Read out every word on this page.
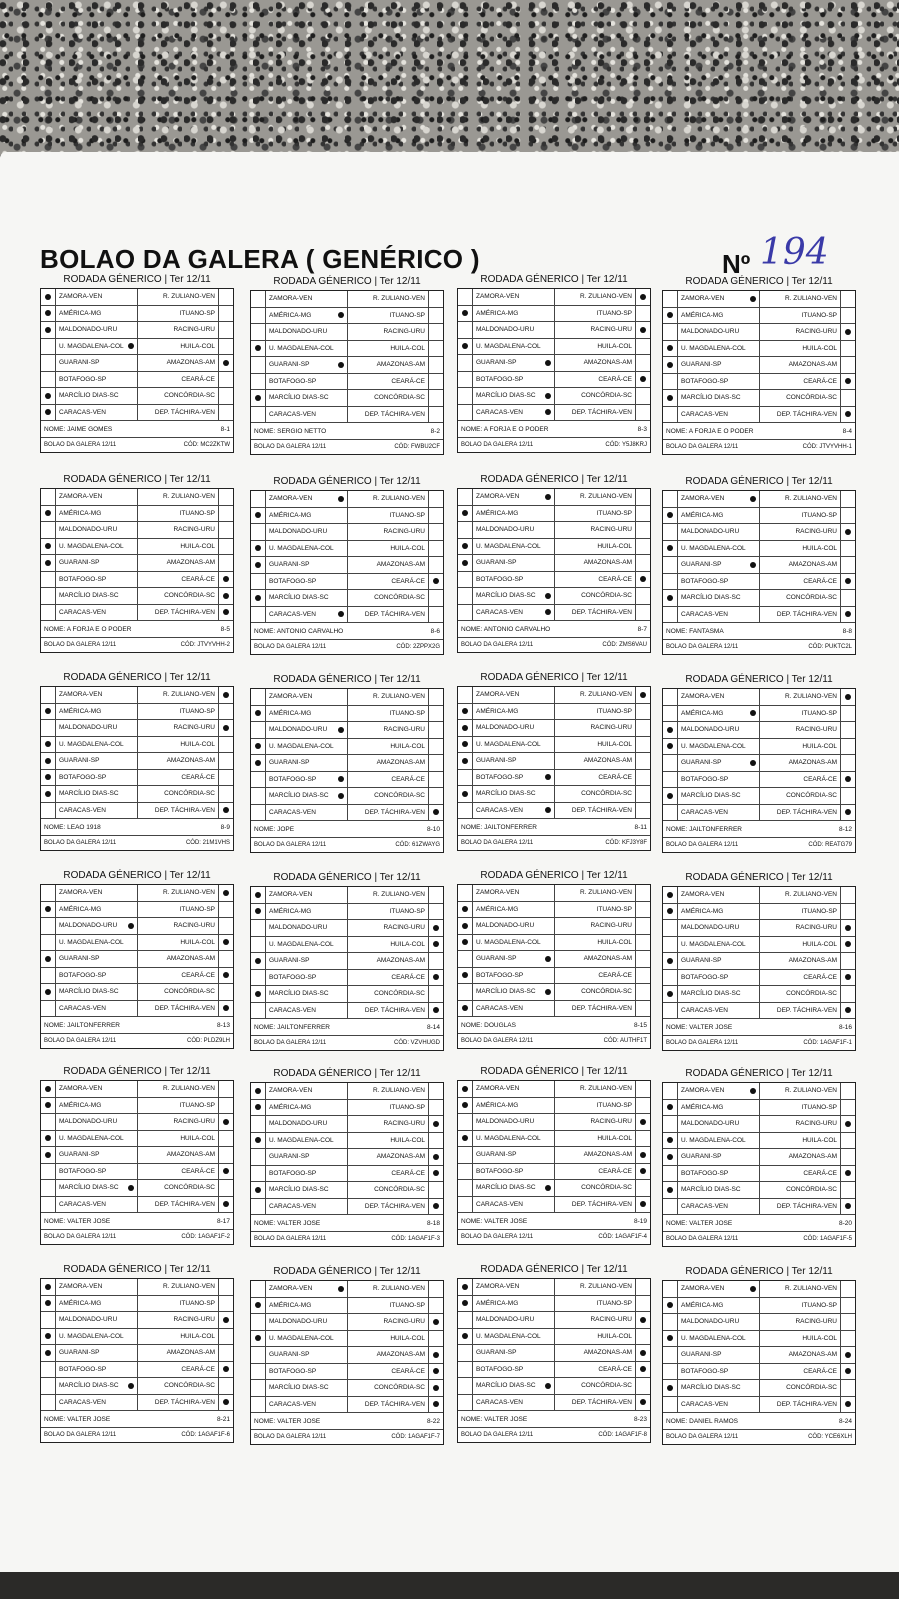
BOLAO DA GALERA ( GENÉRICO )	Nº 194
RODADA GÉNERICO | Ter 12/11
ZAMORA-VEN	R. ZULIANO-VEN
AMÉRICA-MG	ITUANO-SP
MALDONADO-URU	RACING-URU
U. MAGDALENA-COL	HUILA-COL
GUARANI-SP	AMAZONAS-AM
BOTAFOGO-SP	CEARÁ-CE
MARCÍLIO DIAS-SC	CONCÓRDIA-SC
CARACAS-VEN	DEP. TÁCHIRA-VEN
NOME: JAIME GOMES	8-1
BOLAO DA GALERA 12/11	CÓD: MC2ZKTW
RODADA GÉNERICO | Ter 12/11
ZAMORA-VEN	R. ZULIANO-VEN
AMÉRICA-MG	ITUANO-SP
MALDONADO-URU	RACING-URU
U. MAGDALENA-COL	HUILA-COL
GUARANI-SP	AMAZONAS-AM
BOTAFOGO-SP	CEARÁ-CE
MARCÍLIO DIAS-SC	CONCÓRDIA-SC
CARACAS-VEN	DEP. TÁCHIRA-VEN
NOME: SERGIO NETTO	8-2
BOLAO DA GALERA 12/11	CÓD: FWBU2CF
RODADA GÉNERICO | Ter 12/11
ZAMORA-VEN	R. ZULIANO-VEN
AMÉRICA-MG	ITUANO-SP
MALDONADO-URU	RACING-URU
U. MAGDALENA-COL	HUILA-COL
GUARANI-SP	AMAZONAS-AM
BOTAFOGO-SP	CEARÁ-CE
MARCÍLIO DIAS-SC	CONCÓRDIA-SC
CARACAS-VEN	DEP. TÁCHIRA-VEN
NOME: A FORJA E O PODER	8-3
BOLAO DA GALERA 12/11	CÓD: Y5J8KRJ
RODADA GÉNERICO | Ter 12/11
ZAMORA-VEN	R. ZULIANO-VEN
AMÉRICA-MG	ITUANO-SP
MALDONADO-URU	RACING-URU
U. MAGDALENA-COL	HUILA-COL
GUARANI-SP	AMAZONAS-AM
BOTAFOGO-SP	CEARÁ-CE
MARCÍLIO DIAS-SC	CONCÓRDIA-SC
CARACAS-VEN	DEP. TÁCHIRA-VEN
NOME: A FORJA E O PODER	8-4
BOLAO DA GALERA 12/11	CÓD: JTVYVHH-1
RODADA GÉNERICO | Ter 12/11
ZAMORA-VEN	R. ZULIANO-VEN
AMÉRICA-MG	ITUANO-SP
MALDONADO-URU	RACING-URU
U. MAGDALENA-COL	HUILA-COL
GUARANI-SP	AMAZONAS-AM
BOTAFOGO-SP	CEARÁ-CE
MARCÍLIO DIAS-SC	CONCÓRDIA-SC
CARACAS-VEN	DEP. TÁCHIRA-VEN
NOME: A FORJA E O PODER	8-5
BOLAO DA GALERA 12/11	CÓD: JTVYVHH-2
RODADA GÉNERICO | Ter 12/11
ZAMORA-VEN	R. ZULIANO-VEN
AMÉRICA-MG	ITUANO-SP
MALDONADO-URU	RACING-URU
U. MAGDALENA-COL	HUILA-COL
GUARANI-SP	AMAZONAS-AM
BOTAFOGO-SP	CEARÁ-CE
MARCÍLIO DIAS-SC	CONCÓRDIA-SC
CARACAS-VEN	DEP. TÁCHIRA-VEN
NOME: ANTONIO CARVALHO	8-6
BOLAO DA GALERA 12/11	CÓD: 2ZPPX2G
RODADA GÉNERICO | Ter 12/11
ZAMORA-VEN	R. ZULIANO-VEN
AMÉRICA-MG	ITUANO-SP
MALDONADO-URU	RACING-URU
U. MAGDALENA-COL	HUILA-COL
GUARANI-SP	AMAZONAS-AM
BOTAFOGO-SP	CEARÁ-CE
MARCÍLIO DIAS-SC	CONCÓRDIA-SC
CARACAS-VEN	DEP. TÁCHIRA-VEN
NOME: ANTONIO CARVALHO	8-7
BOLAO DA GALERA 12/11	CÓD: ZMS6VAU
RODADA GÉNERICO | Ter 12/11
ZAMORA-VEN	R. ZULIANO-VEN
AMÉRICA-MG	ITUANO-SP
MALDONADO-URU	RACING-URU
U. MAGDALENA-COL	HUILA-COL
GUARANI-SP	AMAZONAS-AM
BOTAFOGO-SP	CEARÁ-CE
MARCÍLIO DIAS-SC	CONCÓRDIA-SC
CARACAS-VEN	DEP. TÁCHIRA-VEN
NOME: FANTASMA	8-8
BOLAO DA GALERA 12/11	CÓD: PUKTC2L
RODADA GÉNERICO | Ter 12/11
ZAMORA-VEN	R. ZULIANO-VEN
AMÉRICA-MG	ITUANO-SP
MALDONADO-URU	RACING-URU
U. MAGDALENA-COL	HUILA-COL
GUARANI-SP	AMAZONAS-AM
BOTAFOGO-SP	CEARÁ-CE
MARCÍLIO DIAS-SC	CONCÓRDIA-SC
CARACAS-VEN	DEP. TÁCHIRA-VEN
NOME: LEAO 1918	8-9
BOLAO DA GALERA 12/11	CÓD: 21M1VHS
RODADA GÉNERICO | Ter 12/11
ZAMORA-VEN	R. ZULIANO-VEN
AMÉRICA-MG	ITUANO-SP
MALDONADO-URU	RACING-URU
U. MAGDALENA-COL	HUILA-COL
GUARANI-SP	AMAZONAS-AM
BOTAFOGO-SP	CEARÁ-CE
MARCÍLIO DIAS-SC	CONCÓRDIA-SC
CARACAS-VEN	DEP. TÁCHIRA-VEN
NOME: JOPE	8-10
BOLAO DA GALERA 12/11	CÓD: 61ZWAYG
RODADA GÉNERICO | Ter 12/11
ZAMORA-VEN	R. ZULIANO-VEN
AMÉRICA-MG	ITUANO-SP
MALDONADO-URU	RACING-URU
U. MAGDALENA-COL	HUILA-COL
GUARANI-SP	AMAZONAS-AM
BOTAFOGO-SP	CEARÁ-CE
MARCÍLIO DIAS-SC	CONCÓRDIA-SC
CARACAS-VEN	DEP. TÁCHIRA-VEN
NOME: JAILTONFERRER	8-11
BOLAO DA GALERA 12/11	CÓD: KFJ3Y8F
RODADA GÉNERICO | Ter 12/11
ZAMORA-VEN	R. ZULIANO-VEN
AMÉRICA-MG	ITUANO-SP
MALDONADO-URU	RACING-URU
U. MAGDALENA-COL	HUILA-COL
GUARANI-SP	AMAZONAS-AM
BOTAFOGO-SP	CEARÁ-CE
MARCÍLIO DIAS-SC	CONCÓRDIA-SC
CARACAS-VEN	DEP. TÁCHIRA-VEN
NOME: JAILTONFERRER	8-12
BOLAO DA GALERA 12/11	CÓD: REATG79
RODADA GÉNERICO | Ter 12/11
ZAMORA-VEN	R. ZULIANO-VEN
AMÉRICA-MG	ITUANO-SP
MALDONADO-URU	RACING-URU
U. MAGDALENA-COL	HUILA-COL
GUARANI-SP	AMAZONAS-AM
BOTAFOGO-SP	CEARÁ-CE
MARCÍLIO DIAS-SC	CONCÓRDIA-SC
CARACAS-VEN	DEP. TÁCHIRA-VEN
NOME: JAILTONFERRER	8-13
BOLAO DA GALERA 12/11	CÓD: PLDZ9LH
RODADA GÉNERICO | Ter 12/11
ZAMORA-VEN	R. ZULIANO-VEN
AMÉRICA-MG	ITUANO-SP
MALDONADO-URU	RACING-URU
U. MAGDALENA-COL	HUILA-COL
GUARANI-SP	AMAZONAS-AM
BOTAFOGO-SP	CEARÁ-CE
MARCÍLIO DIAS-SC	CONCÓRDIA-SC
CARACAS-VEN	DEP. TÁCHIRA-VEN
NOME: JAILTONFERRER	8-14
BOLAO DA GALERA 12/11	CÓD: VZVHUGD
RODADA GÉNERICO | Ter 12/11
ZAMORA-VEN	R. ZULIANO-VEN
AMÉRICA-MG	ITUANO-SP
MALDONADO-URU	RACING-URU
U. MAGDALENA-COL	HUILA-COL
GUARANI-SP	AMAZONAS-AM
BOTAFOGO-SP	CEARÁ-CE
MARCÍLIO DIAS-SC	CONCÓRDIA-SC
CARACAS-VEN	DEP. TÁCHIRA-VEN
NOME: DOUGLAS	8-15
BOLAO DA GALERA 12/11	CÓD: AUTHF1T
RODADA GÉNERICO | Ter 12/11
ZAMORA-VEN	R. ZULIANO-VEN
AMÉRICA-MG	ITUANO-SP
MALDONADO-URU	RACING-URU
U. MAGDALENA-COL	HUILA-COL
GUARANI-SP	AMAZONAS-AM
BOTAFOGO-SP	CEARÁ-CE
MARCÍLIO DIAS-SC	CONCÓRDIA-SC
CARACAS-VEN	DEP. TÁCHIRA-VEN
NOME: VALTER JOSE	8-16
BOLAO DA GALERA 12/11	CÓD: 1AGAF1F-1
RODADA GÉNERICO | Ter 12/11
ZAMORA-VEN	R. ZULIANO-VEN
AMÉRICA-MG	ITUANO-SP
MALDONADO-URU	RACING-URU
U. MAGDALENA-COL	HUILA-COL
GUARANI-SP	AMAZONAS-AM
BOTAFOGO-SP	CEARÁ-CE
MARCÍLIO DIAS-SC	CONCÓRDIA-SC
CARACAS-VEN	DEP. TÁCHIRA-VEN
NOME: VALTER JOSE	8-17
BOLAO DA GALERA 12/11	CÓD: 1AGAF1F-2
RODADA GÉNERICO | Ter 12/11
ZAMORA-VEN	R. ZULIANO-VEN
AMÉRICA-MG	ITUANO-SP
MALDONADO-URU	RACING-URU
U. MAGDALENA-COL	HUILA-COL
GUARANI-SP	AMAZONAS-AM
BOTAFOGO-SP	CEARÁ-CE
MARCÍLIO DIAS-SC	CONCÓRDIA-SC
CARACAS-VEN	DEP. TÁCHIRA-VEN
NOME: VALTER JOSE	8-18
BOLAO DA GALERA 12/11	CÓD: 1AGAF1F-3
RODADA GÉNERICO | Ter 12/11
ZAMORA-VEN	R. ZULIANO-VEN
AMÉRICA-MG	ITUANO-SP
MALDONADO-URU	RACING-URU
U. MAGDALENA-COL	HUILA-COL
GUARANI-SP	AMAZONAS-AM
BOTAFOGO-SP	CEARÁ-CE
MARCÍLIO DIAS-SC	CONCÓRDIA-SC
CARACAS-VEN	DEP. TÁCHIRA-VEN
NOME: VALTER JOSE	8-19
BOLAO DA GALERA 12/11	CÓD: 1AGAF1F-4
RODADA GÉNERICO | Ter 12/11
ZAMORA-VEN	R. ZULIANO-VEN
AMÉRICA-MG	ITUANO-SP
MALDONADO-URU	RACING-URU
U. MAGDALENA-COL	HUILA-COL
GUARANI-SP	AMAZONAS-AM
BOTAFOGO-SP	CEARÁ-CE
MARCÍLIO DIAS-SC	CONCÓRDIA-SC
CARACAS-VEN	DEP. TÁCHIRA-VEN
NOME: VALTER JOSE	8-20
BOLAO DA GALERA 12/11	CÓD: 1AGAF1F-5
RODADA GÉNERICO | Ter 12/11
ZAMORA-VEN	R. ZULIANO-VEN
AMÉRICA-MG	ITUANO-SP
MALDONADO-URU	RACING-URU
U. MAGDALENA-COL	HUILA-COL
GUARANI-SP	AMAZONAS-AM
BOTAFOGO-SP	CEARÁ-CE
MARCÍLIO DIAS-SC	CONCÓRDIA-SC
CARACAS-VEN	DEP. TÁCHIRA-VEN
NOME: VALTER JOSE	8-21
BOLAO DA GALERA 12/11	CÓD: 1AGAF1F-6
RODADA GÉNERICO | Ter 12/11
ZAMORA-VEN	R. ZULIANO-VEN
AMÉRICA-MG	ITUANO-SP
MALDONADO-URU	RACING-URU
U. MAGDALENA-COL	HUILA-COL
GUARANI-SP	AMAZONAS-AM
BOTAFOGO-SP	CEARÁ-CE
MARCÍLIO DIAS-SC	CONCÓRDIA-SC
CARACAS-VEN	DEP. TÁCHIRA-VEN
NOME: VALTER JOSE	8-22
BOLAO DA GALERA 12/11	CÓD: 1AGAF1F-7
RODADA GÉNERICO | Ter 12/11
ZAMORA-VEN	R. ZULIANO-VEN
AMÉRICA-MG	ITUANO-SP
MALDONADO-URU	RACING-URU
U. MAGDALENA-COL	HUILA-COL
GUARANI-SP	AMAZONAS-AM
BOTAFOGO-SP	CEARÁ-CE
MARCÍLIO DIAS-SC	CONCÓRDIA-SC
CARACAS-VEN	DEP. TÁCHIRA-VEN
NOME: VALTER JOSE	8-23
BOLAO DA GALERA 12/11	CÓD: 1AGAF1F-8
RODADA GÉNERICO | Ter 12/11
ZAMORA-VEN	R. ZULIANO-VEN
AMÉRICA-MG	ITUANO-SP
MALDONADO-URU	RACING-URU
U. MAGDALENA-COL	HUILA-COL
GUARANI-SP	AMAZONAS-AM
BOTAFOGO-SP	CEARÁ-CE
MARCÍLIO DIAS-SC	CONCÓRDIA-SC
CARACAS-VEN	DEP. TÁCHIRA-VEN
NOME: DANIEL RAMOS	8-24
BOLAO DA GALERA 12/11	CÓD: YCE6XLH
